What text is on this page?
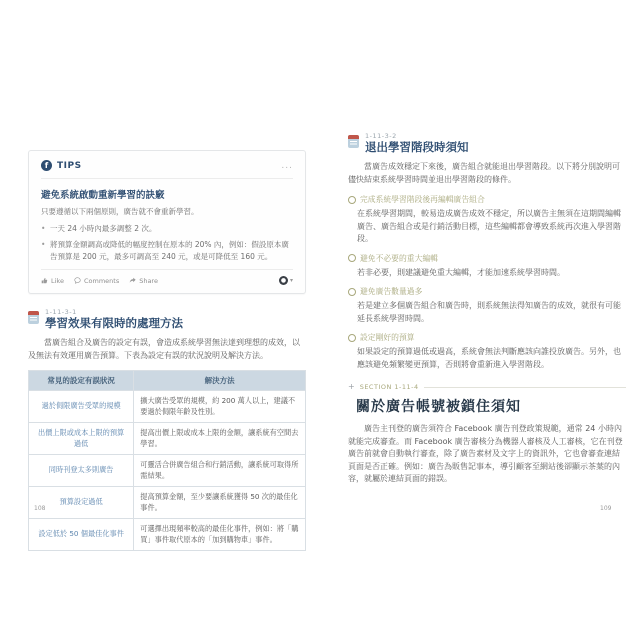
f TIPS	...
避免系統啟動重新學習的訣竅

只要遵循以下兩個原則，廣告就不會重新學習。

• 一天 24 小時內最多調整 2 次。
• 將預算金額調高或降低的幅度控制在原本的 20% 內，例如：假設原本廣告預算是 200 元，最多可調高至 240 元，或是可降低至 160 元。
Like	Comments	Share	● ▾
1-11-3-1
學習效果有限時的處理方法

當廣告組合及廣告的設定有誤，會造成系統學習無法達到理想的成效，以及無法有效運用廣告預算。下表為設定有誤的狀況說明及解決方法。

常見的設定有誤狀況	解決方法
過於侷限廣告受眾的規模	擴大廣告受眾的規模，約 200 萬人以上，建議不要過於侷限年齡及性別。
出價上限或成本上限的預算過低	提高出價上限或成本上限的金額，讓系統有空間去學習。
同時刊登太多則廣告	可靈活合併廣告組合和行銷活動，讓系統可取得所需結果。
預算設定過低	提高預算金額，至少要讓系統獲得 50 次的最佳化事件。
設定低於 50 個最佳化事件	可選擇出現頻率較高的最佳化事件，例如：將「購買」事件取代原本的「加到購物車」事件。
1-11-3-2
退出學習階段時須知

當廣告成效穩定下來後，廣告組合就能退出學習階段。以下將分別說明可儘快結束系統學習時間並退出學習階段的條件。

完成系統學習階段後再編輯廣告組合

在系統學習期間，較易造成廣告成效不穩定，所以廣告主無須在這期間編輯廣告、廣告組合或是行銷活動目標，這些編輯都會導致系統再次進入學習階段。

避免不必要的重大編輯

若非必要，則建議避免重大編輯，才能加速系統學習時間。

避免廣告數量過多

若是建立多個廣告組合和廣告時，則系統無法得知廣告的成效，就很有可能延長系統學習時間。

設定剛好的預算

如果設定的預算過低或過高，系統會無法判斷應該向誰投放廣告。另外，也應該避免頻繁變更預算，否則將會重新進入學習階段。

+ SECTION 1-11-4
關於廣告帳號被鎖住須知

廣告主刊登的廣告須符合 Facebook 廣告刊登政策規範，通常 24 小時內就能完成審查。而 Facebook 廣告審核分為機器人審核及人工審核，它在刊登廣告前就會自動執行審查，除了廣告素材及文字上的資訊外，它也會審查連結頁面是否正確。例如：廣告為販售記事本，導引顧客至網站後卻顯示茶葉的內容，就屬於連結頁面的錯誤。

108	109
